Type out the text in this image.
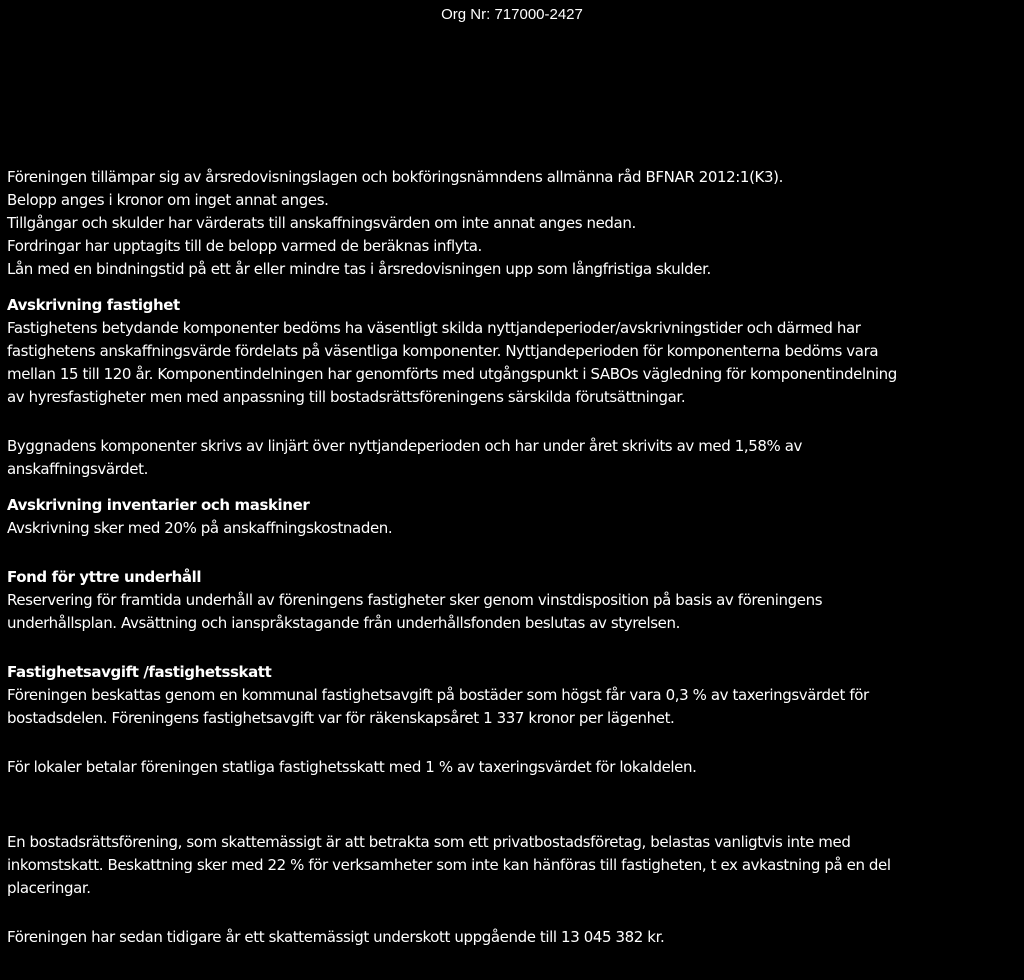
Org Nr: 717000-2427
Föreningen tillämpar sig av årsredovisningslagen och bokföringsnämndens allmänna råd BFNAR 2012:1(K3).
Belopp anges i kronor om inget annat anges.
Tillgångar och skulder har värderats till anskaffningsvärden om inte annat anges nedan.
Fordringar har upptagits till de belopp varmed de beräknas inflyta.
Lån med en bindningstid på ett år eller mindre tas i årsredovisningen upp som långfristiga skulder.
Avskrivning fastighet
Fastighetens betydande komponenter bedöms ha väsentligt skilda nyttjandeperioder/avskrivningstider och därmed har
fastighetens anskaffningsvärde fördelats på väsentliga komponenter. Nyttjandeperioden för komponenterna bedöms vara
mellan 15 till 120 år. Komponentindelningen har genomförts med utgångspunkt i SABOs vägledning för komponentindelning
av hyresfastigheter men med anpassning till bostadsrättsföreningens särskilda förutsättningar.
Byggnadens komponenter skrivs av linjärt över nyttjandeperioden och har under året skrivits av med 1,58% av
anskaffningsvärdet.
Avskrivning inventarier och maskiner
Avskrivning sker med 20% på anskaffningskostnaden.
Fond för yttre underhåll
Reservering för framtida underhåll av föreningens fastigheter sker genom vinstdisposition på basis av föreningens
underhållsplan. Avsättning och ianspråkstagande från underhållsfonden beslutas av styrelsen.
Fastighetsavgift /fastighetsskatt
Föreningen beskattas genom en kommunal fastighetsavgift på bostäder som högst får vara 0,3 % av taxeringsvärdet för
bostadsdelen. Föreningens fastighetsavgift var för räkenskapsåret 1 337 kronor per lägenhet.
För lokaler betalar föreningen statliga fastighetsskatt med 1 % av taxeringsvärdet för lokaldelen.
En bostadsrättsförening, som skattemässigt är att betrakta som ett privatbostadsföretag, belastas vanligtvis inte med
inkomstskatt. Beskattning sker med 22 % för verksamheter som inte kan hänföras till fastigheten, t ex avkastning på en del
placeringar.
Föreningen har sedan tidigare år ett skattemässigt underskott uppgående till 13 045 382 kr.
